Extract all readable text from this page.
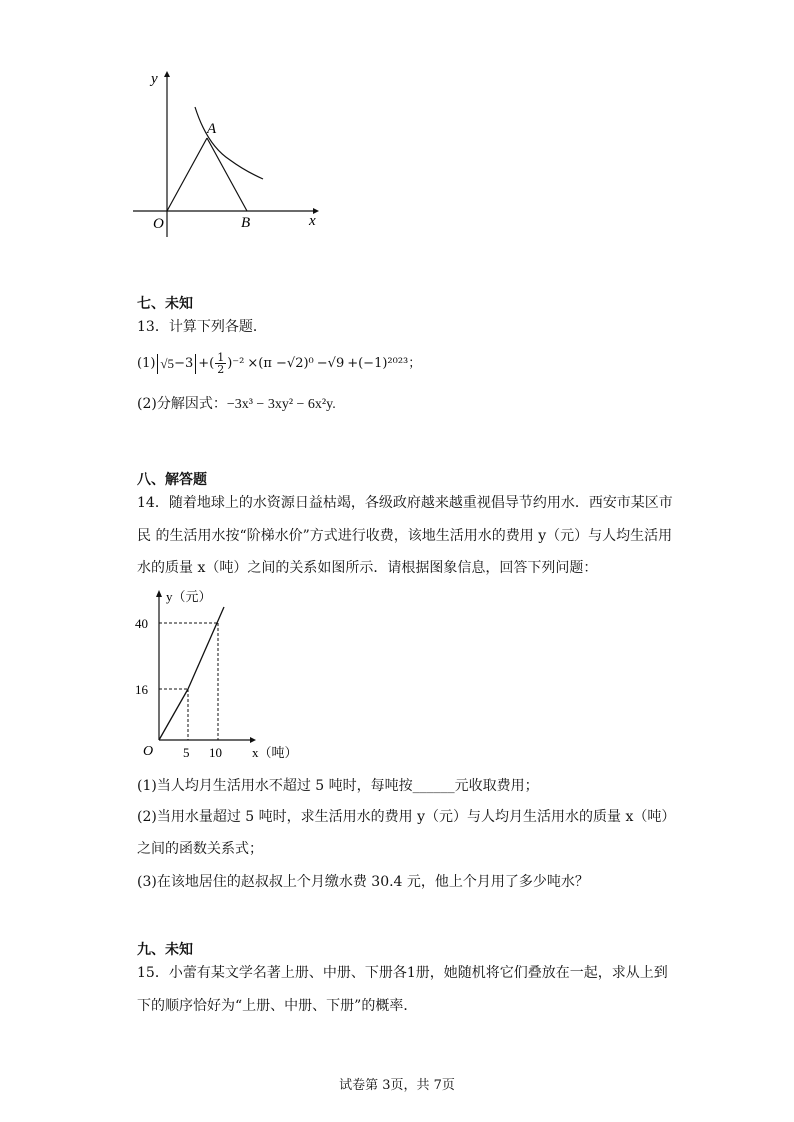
y
A
O	B	x
七、未知
13．计算下列各题．
(1) √5 −3 +( $\frac{1}{2} )^{-2} \times(\pi - √2$ )⁰ −√9 +(−1)²⁰²³ ；
(2)分解因式：−3x³ − 3xy² − 6x²y.
八、解答题
14．随着地球上的水资源日益枯竭，各级政府越来越重视倡导节约用水．西安市某区市
民 的生活用水按“阶梯水价”方式进行收费，该地生活用水的费用 y（元）与人均生活用
水的质量 x（吨）之间的关系如图所示．请根据图象信息，回答下列问题：
y（元）
40
16
O 5 10 x（吨）
(1)当人均月生活用水不超过 5 吨时，每吨按______元收取费用；
(2)当用水量超过 5 吨时，求生活用水的费用 y（元）与人均月生活用水的质量 x（吨）
之间的函数关系式；
(3)在该地居住的赵叔叔上个月缴水费 30.4 元，他上个月用了多少吨水？
九、未知
15．小蕾有某文学名著上册、中册、下册各1册，她随机将它们叠放在一起，求从上到
下的顺序恰好为“上册、中册、下册”的概率．
试卷第 3页，共 7页
